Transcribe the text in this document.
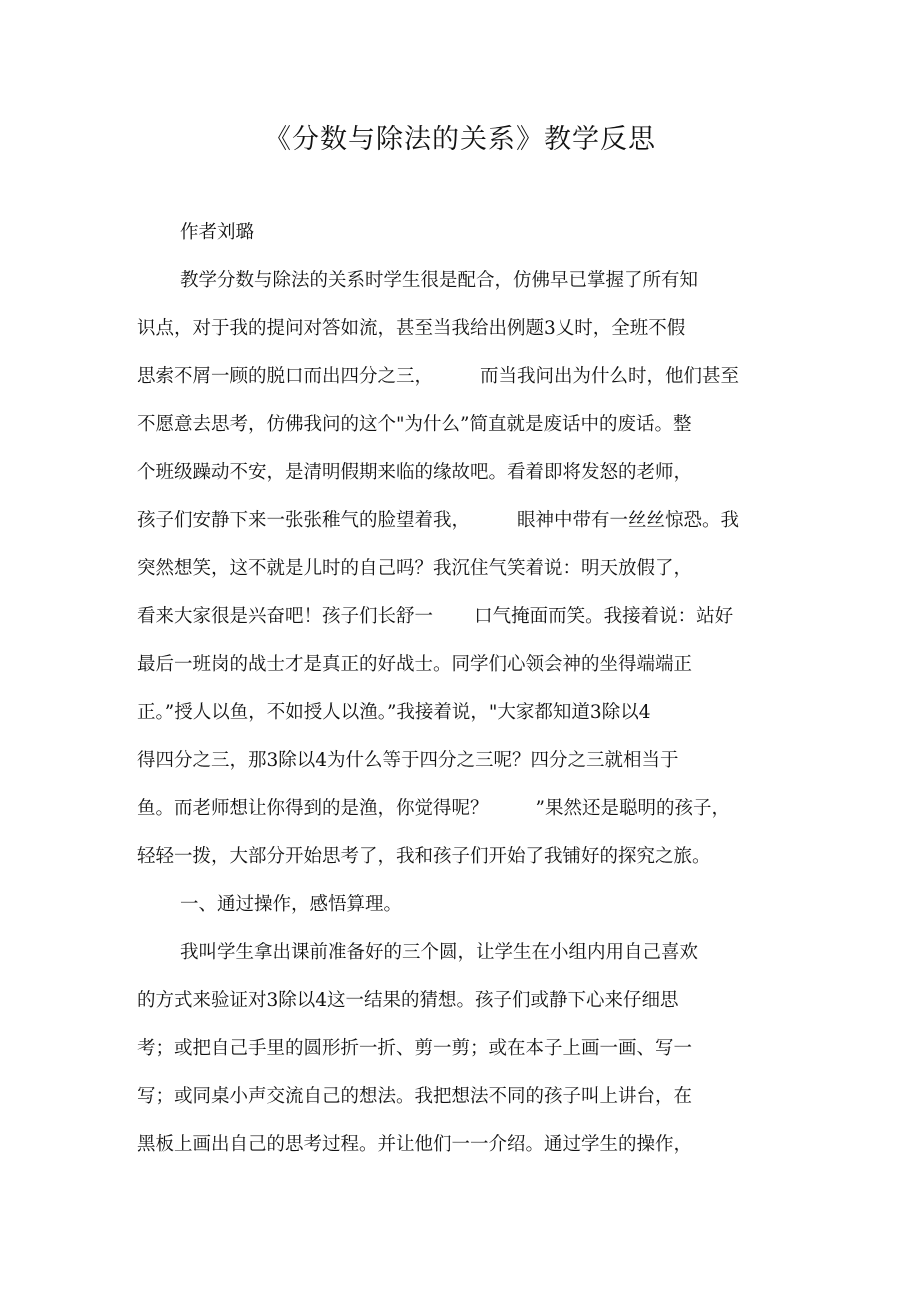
《分数与除法的关系》教学反思

作者刘璐

教学分数与除法的关系时学生很是配合，仿佛早已掌握了所有知

识点，对于我的提问对答如流，甚至当我给出例题3乂时，全班不假

思索不屑一顾的脱口而出四分之三，        而当我问出为什么时，他们甚至

不愿意去思考，仿佛我问的这个"为什么”简直就是废话中的废话。整

个班级躁动不安，是清明假期来临的缘故吧。看着即将发怒的老师，

孩子们安静下来一张张稚气的脸望着我，        眼神中带有一丝丝惊恐。我

突然想笑，这不就是儿时的自己吗？我沉住气笑着说：明天放假了，

看来大家很是兴奋吧！孩子们长舒一       口气掩面而笑。我接着说：站好

最后一班岗的战士才是真正的好战士。同学们心领会神的坐得端端正

正。”授人以鱼，不如授人以渔。”我接着说，"大家都知道3除以4

得四分之三，那3除以4为什么等于四分之三呢？四分之三就相当于

鱼。而老师想让你得到的是渔，你觉得呢？        ”果然还是聪明的孩子，

轻轻一拨，大部分开始思考了，我和孩子们开始了我铺好的探究之旅。

一、通过操作，感悟算理。

我叫学生拿出课前准备好的三个圆，让学生在小组内用自己喜欢

的方式来验证对3除以4这一结果的猜想。孩子们或静下心来仔细思

考；或把自己手里的圆形折一折、剪一剪；或在本子上画一画、写一

写；或同桌小声交流自己的想法。我把想法不同的孩子叫上讲台，在

黑板上画出自己的思考过程。并让他们一一介绍。通过学生的操作，
